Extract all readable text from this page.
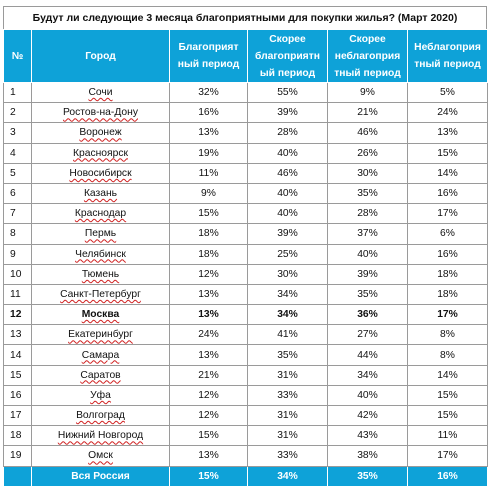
Будут ли следующие 3 месяца благоприятными для покупки жилья? (Март 2020)
№	Город	Благоприят ный период	Скорее благоприятн ый период	Скорее неблагоприя тный период	Неблагоприя тный период
1	Сочи	32%	55%	9%	5%
2	Ростов-на-Дону	16%	39%	21%	24%
3	Воронеж	13%	28%	46%	13%
4	Красноярск	19%	40%	26%	15%
5	Новосибирск	11%	46%	30%	14%
6	Казань	9%	40%	35%	16%
7	Краснодар	15%	40%	28%	17%
8	Пермь	18%	39%	37%	6%
9	Челябинск	18%	25%	40%	16%
10	Тюмень	12%	30%	39%	18%
11	Санкт-Петербург	13%	34%	35%	18%
12	Москва	13%	34%	36%	17%
13	Екатеринбург	24%	41%	27%	8%
14	Самара	13%	35%	44%	8%
15	Саратов	21%	31%	34%	14%
16	Уфа	12%	33%	40%	15%
17	Волгоград	12%	31%	42%	15%
18	Нижний Новгород	15%	31%	43%	11%
19	Омск	13%	33%	38%	17%
	Вся Россия	15%	34%	35%	16%
